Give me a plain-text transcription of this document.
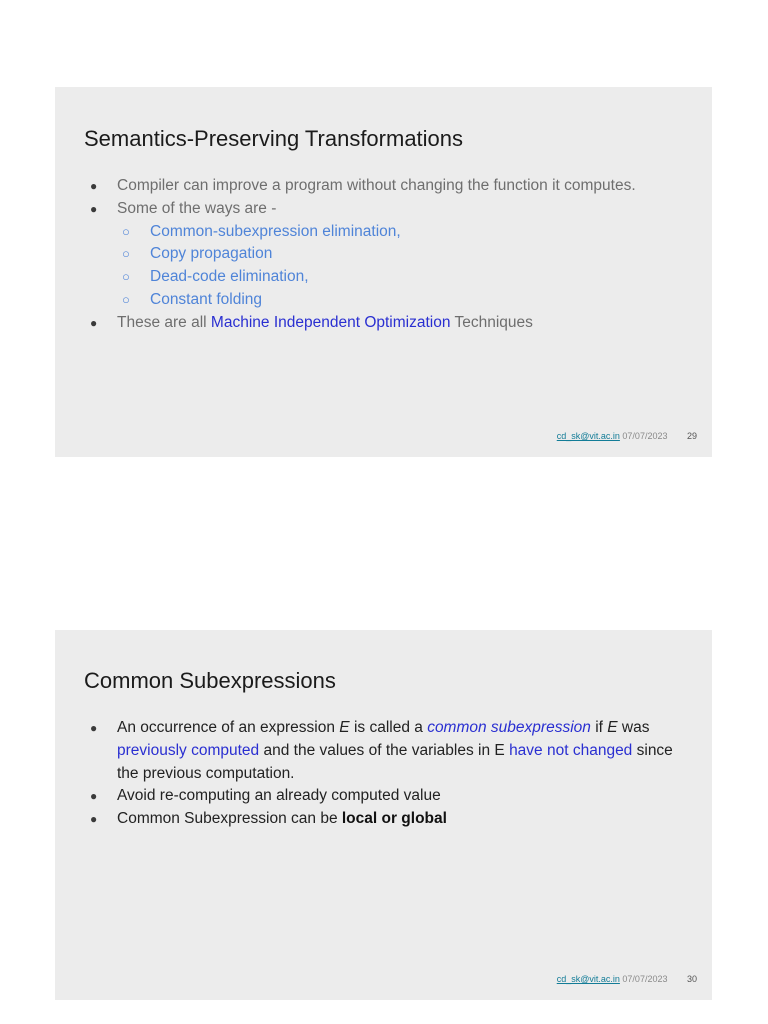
Semantics-Preserving Transformations
● Compiler can improve a program without changing the function it computes.
● Some of the ways are -
○ Common-subexpression elimination,
○ Copy propagation
○ Dead-code elimination,
○ Constant folding
● These are all Machine Independent Optimization Techniques
cd_sk@vit.ac.in 07/07/2023 29
Common Subexpressions
● An occurrence of an expression E is called a common subexpression if E was previously computed and the values of the variables in E have not changed since the previous computation.
● Avoid re-computing an already computed value
● Common Subexpression can be local or global
cd_sk@vit.ac.in 07/07/2023 30
